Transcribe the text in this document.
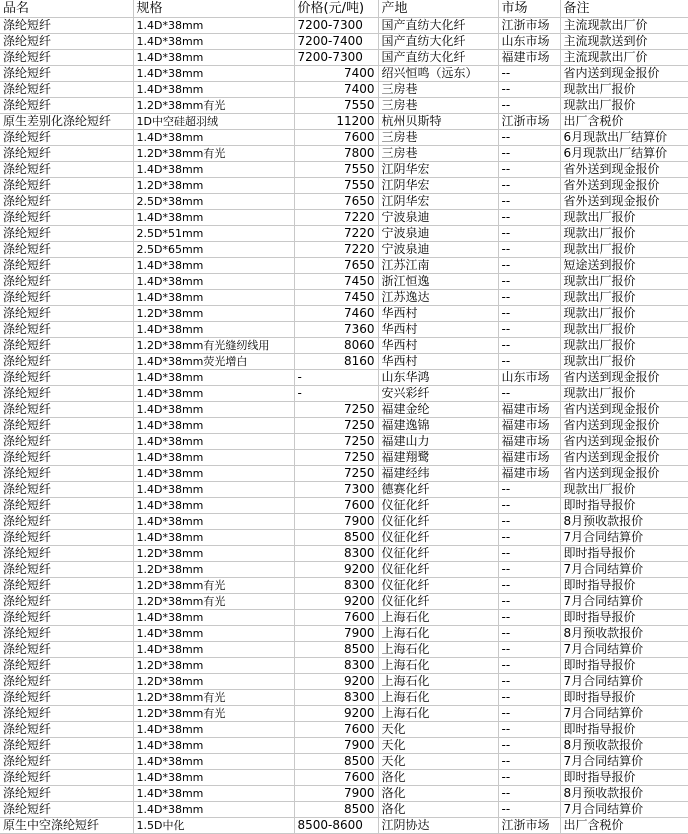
品名	规格	价格(元/吨)	产地	市场	备注
涤纶短纤	1.4D*38mm	7200-7300	国产直纺大化纤	江浙市场	主流现款出厂价
涤纶短纤	1.4D*38mm	7200-7400	国产直纺大化纤	山东市场	主流现款送到价
涤纶短纤	1.4D*38mm	7200-7300	国产直纺大化纤	福建市场	主流现款出厂价
涤纶短纤	1.4D*38mm	7400	绍兴恒鸣（远东）	--	省内送到现金报价
涤纶短纤	1.4D*38mm	7400	三房巷	--	现款出厂报价
涤纶短纤	1.2D*38mm有光	7550	三房巷	--	现款出厂报价
原生差别化涤纶短纤	1D中空硅超羽绒	11200	杭州贝斯特	江浙市场	出厂含税价
涤纶短纤	1.4D*38mm	7600	三房巷	--	6月现款出厂结算价
涤纶短纤	1.2D*38mm有光	7800	三房巷	--	6月现款出厂结算价
涤纶短纤	1.4D*38mm	7550	江阴华宏	--	省外送到现金报价
涤纶短纤	1.2D*38mm	7550	江阴华宏	--	省外送到现金报价
涤纶短纤	2.5D*38mm	7650	江阴华宏	--	省外送到现金报价
涤纶短纤	1.4D*38mm	7220	宁波泉迪	--	现款出厂报价
涤纶短纤	2.5D*51mm	7220	宁波泉迪	--	现款出厂报价
涤纶短纤	2.5D*65mm	7220	宁波泉迪	--	现款出厂报价
涤纶短纤	1.4D*38mm	7650	江苏江南	--	短途送到报价
涤纶短纤	1.4D*38mm	7450	浙江恒逸	--	现款出厂报价
涤纶短纤	1.4D*38mm	7450	江苏逸达	--	现款出厂报价
涤纶短纤	1.2D*38mm	7460	华西村	--	现款出厂报价
涤纶短纤	1.4D*38mm	7360	华西村	--	现款出厂报价
涤纶短纤	1.2D*38mm有光缝纫线用	8060	华西村	--	现款出厂报价
涤纶短纤	1.4D*38mm荧光增白	8160	华西村	--	现款出厂报价
涤纶短纤	1.4D*38mm	-	山东华鸿	山东市场	省内送到现金报价
涤纶短纤	1.4D*38mm	-	安兴彩纤	--	现款出厂报价
涤纶短纤	1.4D*38mm	7250	福建金纶	福建市场	省内送到现金报价
涤纶短纤	1.4D*38mm	7250	福建逸锦	福建市场	省内送到现金报价
涤纶短纤	1.4D*38mm	7250	福建山力	福建市场	省内送到现金报价
涤纶短纤	1.4D*38mm	7250	福建翔鹭	福建市场	省内送到现金报价
涤纶短纤	1.4D*38mm	7250	福建经纬	福建市场	省内送到现金报价
涤纶短纤	1.4D*38mm	7300	德赛化纤	--	现款出厂报价
涤纶短纤	1.4D*38mm	7600	仪征化纤	--	即时指导报价
涤纶短纤	1.4D*38mm	7900	仪征化纤	--	8月预收款报价
涤纶短纤	1.4D*38mm	8500	仪征化纤	--	7月合同结算价
涤纶短纤	1.2D*38mm	8300	仪征化纤	--	即时指导报价
涤纶短纤	1.2D*38mm	9200	仪征化纤	--	7月合同结算价
涤纶短纤	1.2D*38mm有光	8300	仪征化纤	--	即时指导报价
涤纶短纤	1.2D*38mm有光	9200	仪征化纤	--	7月合同结算价
涤纶短纤	1.4D*38mm	7600	上海石化	--	即时指导报价
涤纶短纤	1.4D*38mm	7900	上海石化	--	8月预收款报价
涤纶短纤	1.4D*38mm	8500	上海石化	--	7月合同结算价
涤纶短纤	1.2D*38mm	8300	上海石化	--	即时指导报价
涤纶短纤	1.2D*38mm	9200	上海石化	--	7月合同结算价
涤纶短纤	1.2D*38mm有光	8300	上海石化	--	即时指导报价
涤纶短纤	1.2D*38mm有光	9200	上海石化	--	7月合同结算价
涤纶短纤	1.4D*38mm	7600	天化	--	即时指导报价
涤纶短纤	1.4D*38mm	7900	天化	--	8月预收款报价
涤纶短纤	1.4D*38mm	8500	天化	--	7月合同结算价
涤纶短纤	1.4D*38mm	7600	洛化	--	即时指导报价
涤纶短纤	1.4D*38mm	7900	洛化	--	8月预收款报价
涤纶短纤	1.4D*38mm	8500	洛化	--	7月合同结算价
原生中空涤纶短纤	1.5D中化	8500-8600	江阴协达	江浙市场	出厂含税价
